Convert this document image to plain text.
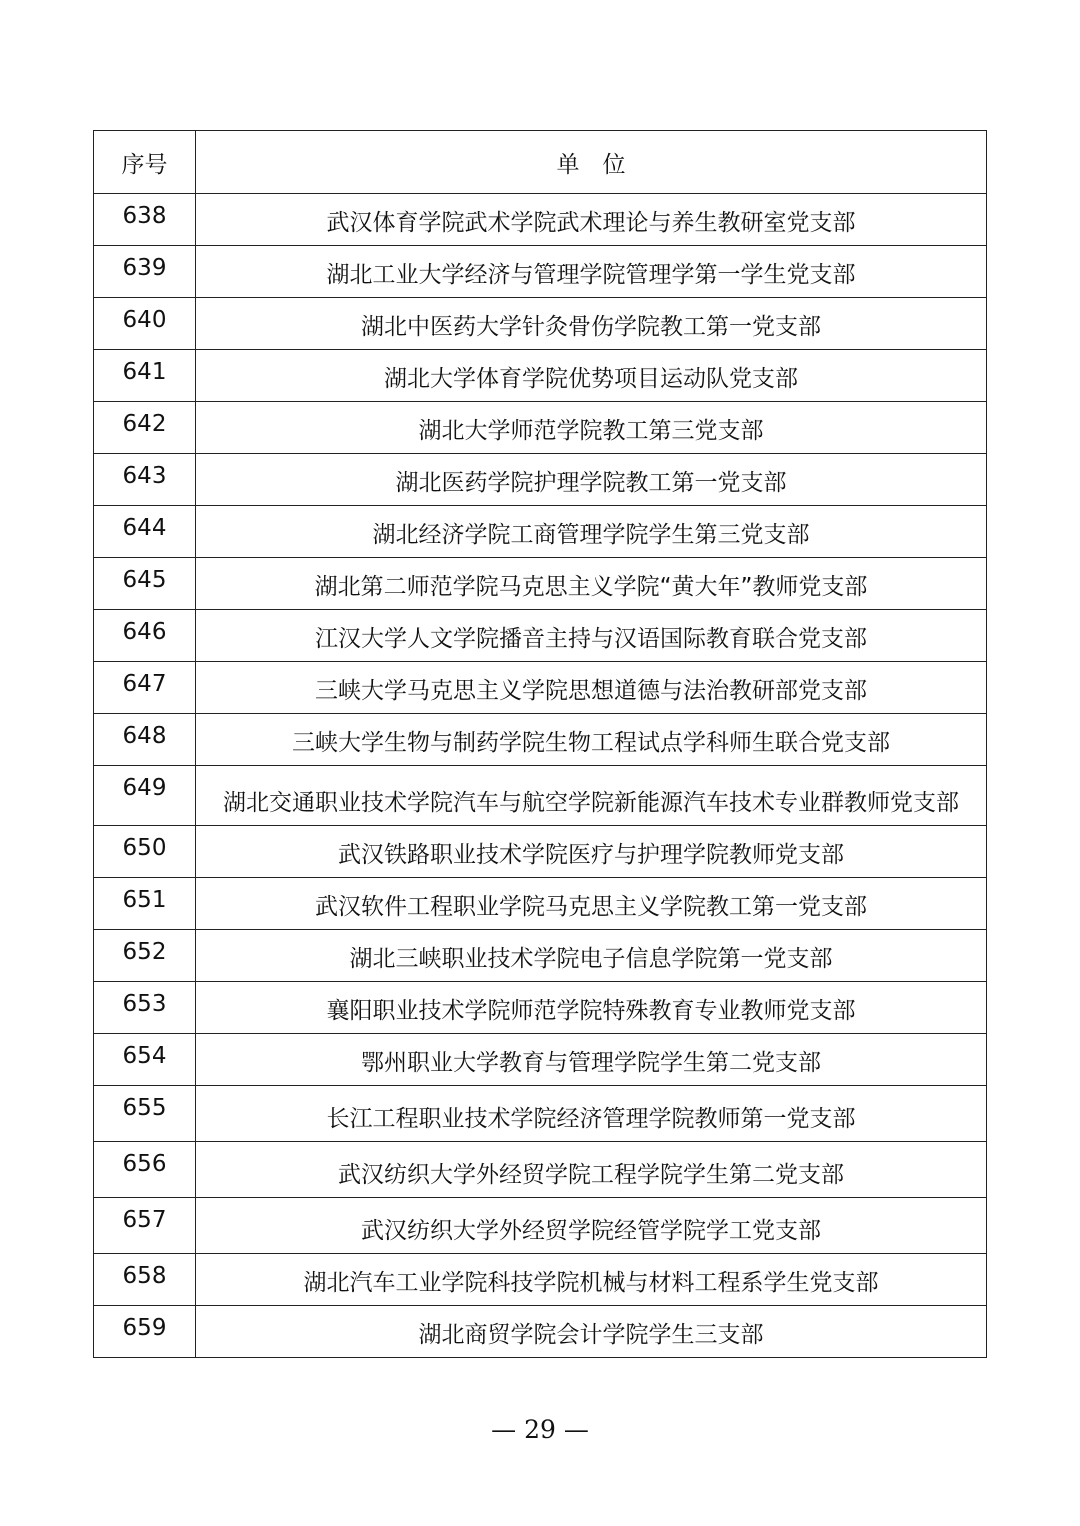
序号	单　位
638	武汉体育学院武术学院武术理论与养生教研室党支部
639	湖北工业大学经济与管理学院管理学第一学生党支部
640	湖北中医药大学针灸骨伤学院教工第一党支部
641	湖北大学体育学院优势项目运动队党支部
642	湖北大学师范学院教工第三党支部
643	湖北医药学院护理学院教工第一党支部
644	湖北经济学院工商管理学院学生第三党支部
645	湖北第二师范学院马克思主义学院“黄大年”教师党支部
646	江汉大学人文学院播音主持与汉语国际教育联合党支部
647	三峡大学马克思主义学院思想道德与法治教研部党支部
648	三峡大学生物与制药学院生物工程试点学科师生联合党支部
649	湖北交通职业技术学院汽车与航空学院新能源汽车技术专业群教师党支部
650	武汉铁路职业技术学院医疗与护理学院教师党支部
651	武汉软件工程职业学院马克思主义学院教工第一党支部
652	湖北三峡职业技术学院电子信息学院第一党支部
653	襄阳职业技术学院师范学院特殊教育专业教师党支部
654	鄂州职业大学教育与管理学院学生第二党支部
655	长江工程职业技术学院经济管理学院教师第一党支部
656	武汉纺织大学外经贸学院工程学院学生第二党支部
657	武汉纺织大学外经贸学院经管学院学工党支部
658	湖北汽车工业学院科技学院机械与材料工程系学生党支部
659	湖北商贸学院会计学院学生三支部
— 29 —
